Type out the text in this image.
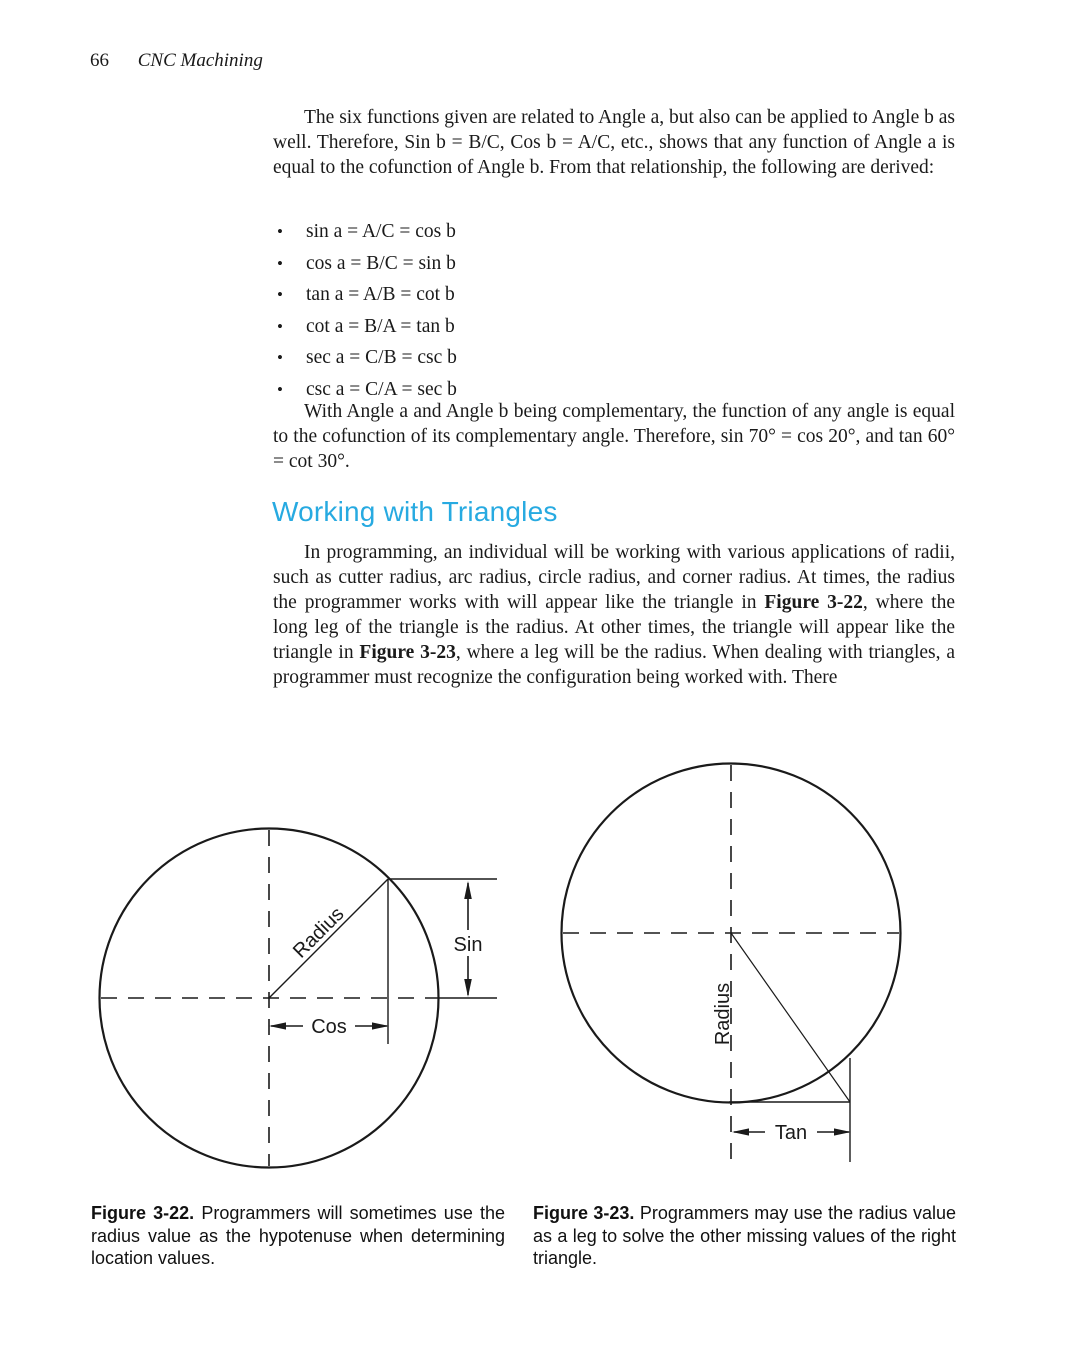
66 CNC Machining

The six functions given are related to Angle a, but also can be applied to Angle b as well. Therefore, Sin b = B/C, Cos b = A/C, etc., shows that any function of Angle a is equal to the cofunction of Angle b. From that relationship, the following are derived:

• sin a = A/C = cos b
• cos a = B/C = sin b
• tan a = A/B = cot b
• cot a = B/A = tan b
• sec a = C/B = csc b
• csc a = C/A = sec b

With Angle a and Angle b being complementary, the function of any angle is equal to the cofunction of its complementary angle. Therefore, sin 70° = cos 20°, and tan 60° = cot 30°.

Working with Triangles

In programming, an individual will be working with various applications of radii, such as cutter radius, arc radius, circle radius, and corner radius. At times, the radius the programmer works with will appear like the triangle in Figure 3-22, where the long leg of the triangle is the radius. At other times, the triangle will appear like the triangle in Figure 3-23, where a leg will be the radius. When dealing with triangles, a programmer must recognize the configuration being worked with. There

Sin
Cos
Radius
Tan
Radius
Figure 3-22. Programmers will sometimes use the radius value as the hypotenuse when determining location values.
Figure 3-23. Programmers may use the radius value as a leg to solve the other missing values of the right triangle.
